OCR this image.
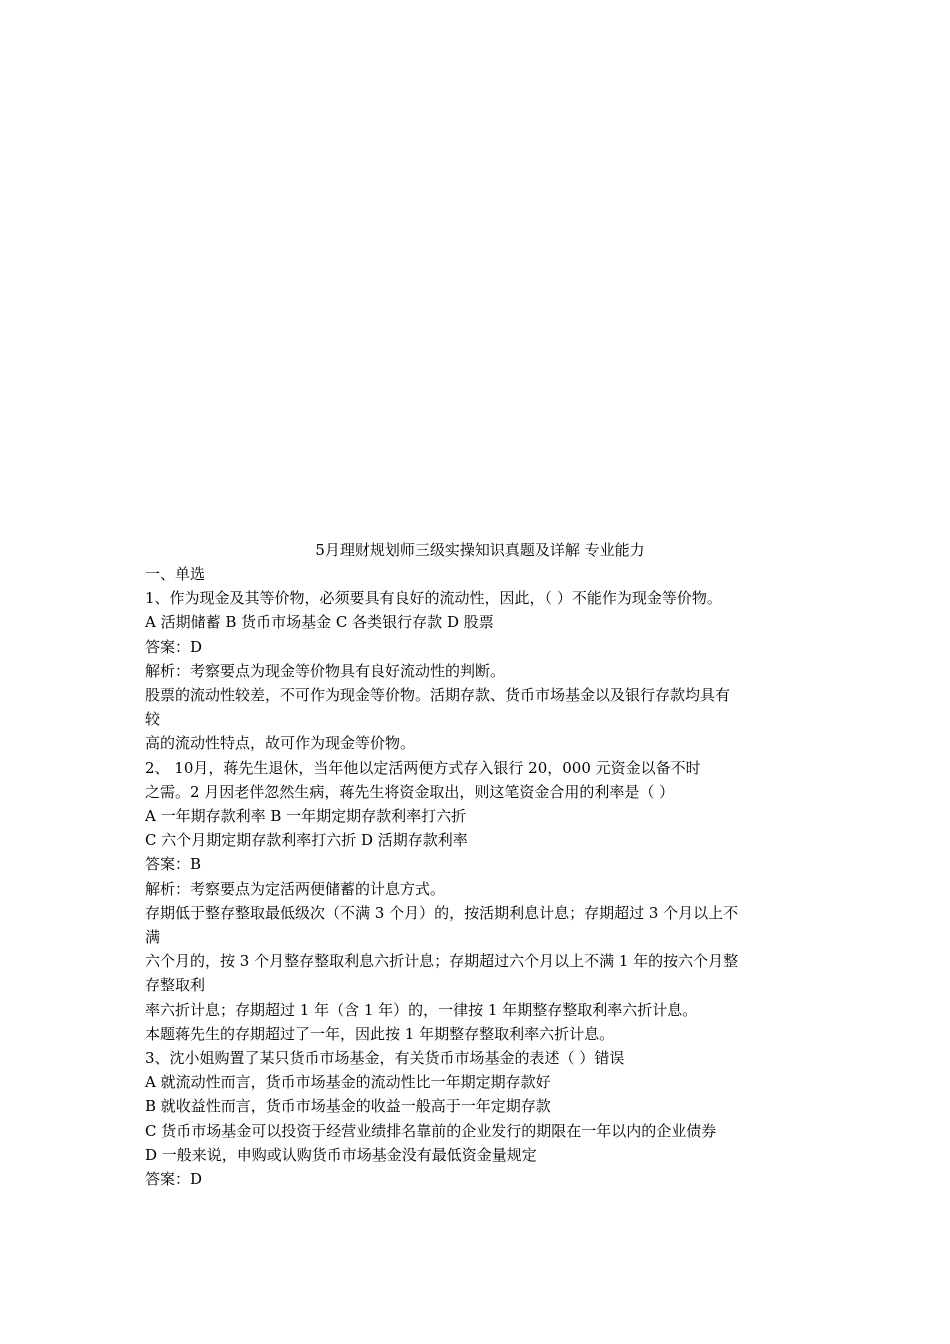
5月理财规划师三级实操知识真题及详解 专业能力
一、单选
1、作为现金及其等价物，必须要具有良好的流动性，因此，（ ）不能作为现金等价物。
A 活期储蓄 B 货币市场基金 C 各类银行存款 D 股票
答案：D
解析：考察要点为现金等价物具有良好流动性的判断。
股票的流动性较差，不可作为现金等价物。活期存款、货币市场基金以及银行存款均具有
较
高的流动性特点，故可作为现金等价物。
2、 10月，蒋先生退休，当年他以定活两便方式存入银行 20，000 元资金以备不时
之需。2 月因老伴忽然生病，蒋先生将资金取出，则这笔资金合用的利率是（ ）
A 一年期存款利率 B 一年期定期存款利率打六折
C 六个月期定期存款利率打六折 D 活期存款利率
答案：B
解析：考察要点为定活两便储蓄的计息方式。
存期低于整存整取最低级次（不满 3 个月）的，按活期利息计息；存期超过 3 个月以上不
满
六个月的，按 3 个月整存整取利息六折计息；存期超过六个月以上不满 1 年的按六个月整
存整取利
率六折计息；存期超过 1 年（含 1 年）的，一律按 1 年期整存整取利率六折计息。
本题蒋先生的存期超过了一年，因此按 1 年期整存整取利率六折计息。
3、沈小姐购置了某只货币市场基金，有关货币市场基金的表述（ ）错误
A 就流动性而言，货币市场基金的流动性比一年期定期存款好
B 就收益性而言，货币市场基金的收益一般高于一年定期存款
C 货币市场基金可以投资于经营业绩排名靠前的企业发行的期限在一年以内的企业债券
D 一般来说，申购或认购货币市场基金没有最低资金量规定
答案：D
